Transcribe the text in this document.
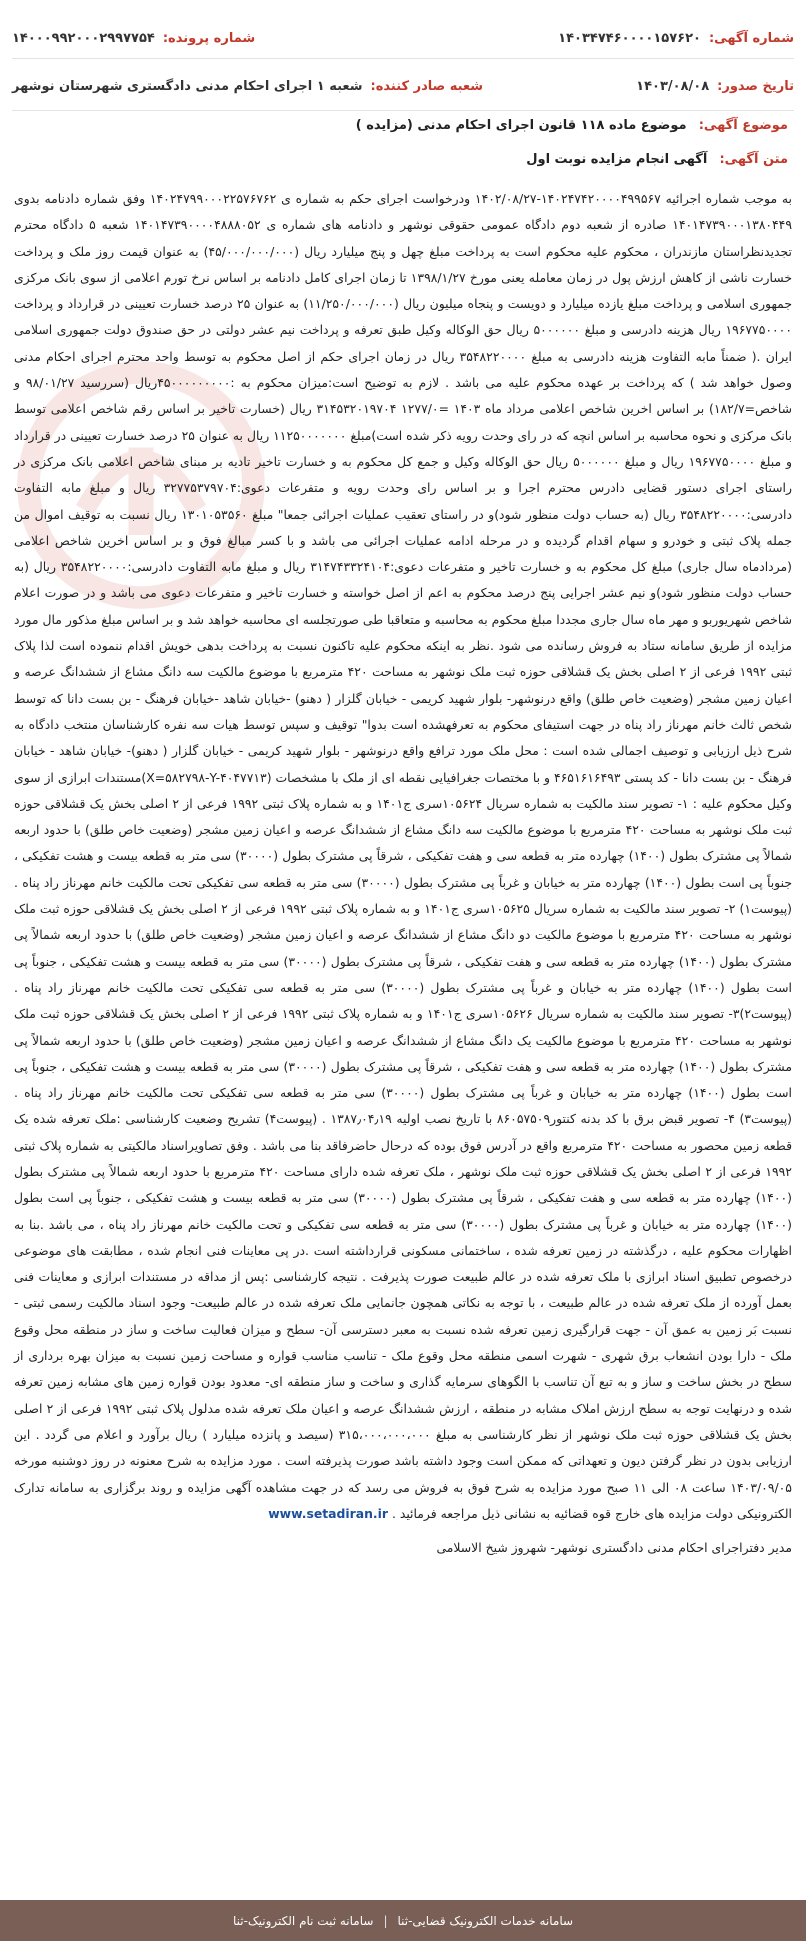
شماره آگهی:
۱۴۰۳۴۷۴۶۰۰۰۰۱۵۷۶۲۰
شماره پرونده:
۱۴۰۰۰۹۹۲۰۰۰۲۹۹۷۷۵۴
تاریخ صدور:
۱۴۰۳/۰۸/۰۸
شعبه صادر کننده:
شعبه ۱ اجرای احکام مدنی دادگستری شهرستان نوشهر
موضوع آگهی: موضوع ماده ۱۱۸ قانون اجرای احکام مدنی (مزایده )
متن آگهی: آگهی انجام مزایده نوبت اول

به موجب شماره اجرائیه ۱۴۰۲۴۷۴۲۰۰۰۰۴۹۹۵۶۷-۱۴۰۲/۰۸/۲۷ ودرخواست اجرای حکم به شماره ی ۱۴۰۲۴۷۹۹۰۰۰۲۲۵۷۶۷۶۲ وفق شماره دادنامه بدوی ۱۴۰۱۴۷۳۹۰۰۰۱۳۸۰۴۴۹ صادره از شعبه دوم دادگاه عمومی حقوقی نوشهر و دادنامه های شماره ی ۱۴۰۱۴۷۳۹۰۰۰۰۴۸۸۸۰۵۲ شعبه ۵ دادگاه محترم تجدیدنظراستان مازندران ، محکوم علیه محکوم است به پرداخت مبلغ چهل و پنج میلیارد ریال (۴۵/۰۰۰/۰۰۰/۰۰۰) به عنوان قیمت روز ملک و پرداخت خسارت ناشی از کاهش ارزش پول در زمان معامله یعنی مورخ ۱۳۹۸/۱/۲۷ تا زمان اجرای کامل دادنامه بر اساس نرخ تورم اعلامی از سوی بانک مرکزی جمهوری اسلامی و پرداخت مبلغ یازده میلیارد و دویست و پنجاه میلیون ریال (۱۱/۲۵۰/۰۰۰/۰۰۰) به عنوان ۲۵ درصد خسارت تعیینی در قرارداد و پرداخت ۱۹۶۷۷۵۰۰۰۰ ریال هزینه دادرسی و مبلغ ۵۰۰۰۰۰۰ ریال حق الوکاله وکیل طبق تعرفه و پرداخت نیم عشر دولتی در حق صندوق دولت جمهوری اسلامی ایران .( ضمناً مابه التفاوت هزینه دادرسی به مبلغ ۳۵۴۸۲۲۰۰۰۰ ریال در زمان اجرای حکم از اصل محکوم به توسط واحد محترم اجرای احکام مدنی وصول خواهد شد ) که پرداخت بر عهده محکوم علیه می باشد . لازم به توضیح است:میزان محکوم به :۴۵۰۰۰۰۰۰۰۰۰ریال (سررسید ۹۸/۰۱/۲۷ و شاخص=۱۸۲/۷) بر اساس اخرین شاخص اعلامی مرداد ماه ۱۴۰۳ =۱۲۷۷/۰ ۳۱۴۵۳۲۰۱۹۷۰۴ ریال (خسارت تاخیر بر اساس رقم شاخص اعلامی توسط بانک مرکزی و نحوه محاسبه بر اساس انچه که در رای وحدت رویه ذکر شده است)مبلغ ۱۱۲۵۰۰۰۰۰۰۰ ریال به عنوان ۲۵ درصد خسارت تعیینی در قرارداد و مبلغ ۱۹۶۷۷۵۰۰۰۰ ریال و مبلغ ۵۰۰۰۰۰۰ ریال حق الوکاله وکیل و جمع کل محکوم به و خسارت تاخیر تادیه بر مبنای شاخص اعلامی بانک مرکزی در راستای اجرای دستور قضایی دادرس محترم اجرا و بر اساس رای وحدت رویه و متفرعات دعوی:۳۲۷۷۵۳۷۹۷۰۴ ریال و مبلغ مابه التفاوت دادرسی:۳۵۴۸۲۲۰۰۰۰ ریال (به حساب دولت منظور شود)و در راستای تعقیب عملیات اجرائی جمعا" مبلغ ۱۳۰۱۰۵۳۵۶۰ ریال نسبت به توقیف اموال من جمله پلاک ثبتی و خودرو و سهام اقدام گردیده و در مرحله ادامه عملیات اجرائی می باشد و با کسر مبالغ فوق و بر اساس اخرین شاخص اعلامی (مردادماه سال جاری) مبلغ کل محکوم به و خسارت تاخیر و متفرعات دعوی:۳۱۴۷۴۳۳۲۴۱۰۴ ریال و مبلغ مابه التفاوت دادرسی:۳۵۴۸۲۲۰۰۰۰ ریال (به حساب دولت منظور شود)و نیم عشر اجرایی پنج درصد محکوم به اعم از اصل خواسته و خسارت تاخیر و متفرعات دعوی می باشد و در صورت اعلام شاخص شهریوربو و مهر ماه سال جاری مجددا مبلغ محکوم به محاسبه و متعاقبا طی صورتجلسه ای محاسبه خواهد شد و بر اساس مبلغ مذکور مال مورد مزایده از طریق سامانه ستاد به فروش رسانده می شود .نظر به اینکه محکوم علیه تاکنون نسبت به پرداخت بدهی خویش اقدام ننموده است لذا پلاک ثبتی ۱۹۹۲ فرعی از ۲ اصلی بخش یک قشلاقی حوزه ثبت ملک نوشهر به مساحت ۴۲۰ مترمربع با موضوع مالکیت سه دانگ مشاع از ششدانگ عرصه و اعیان زمین مشجر (وضعیت خاص طلق) واقع درنوشهر- بلوار شهید کریمی - خیابان گلزار ( دهنو) -خیابان شاهد -خیابان فرهنگ - بن بست دانا که توسط شخص ثالث خانم مهرناز راد پناه در جهت استیفای محکوم به تعرفهشده است بدوا" توقیف و سپس توسط هیات سه نفره کارشناسان منتخب دادگاه به شرح ذیل ارزیابی و توصیف اجمالی شده است : محل ملک مورد ترافع واقع درنوشهر - بلوار شهید کریمی - خیابان گلزار ( دهنو)- خیابان شاهد - خیابان فرهنگ - بن بست دانا - کد پستی ۴۶۵۱۶۱۶۴۹۳ و با مختصات جغرافیایی نقطه ای از ملک با مشخصات (X=۵۸۲۷۹۸-Y-۴۰۴۷۷۱۳)مستندات ابرازی از سوی وکیل محکوم علیه : ۱- تصویر سند مالکیت به شماره سریال ۱۰۵۶۲۴سری ج۱۴۰۱ و به شماره پلاک ثبتی ۱۹۹۲ فرعی از ۲ اصلی بخش یک قشلاقی حوزه ثبت ملک نوشهر به مساحت ۴۲۰ مترمربع با موضوع مالکیت سه دانگ مشاع از ششدانگ عرصه و اعیان زمین مشجر (وضعیت خاص طلق) با حدود اربعه شمالاً پی مشترک بطول (۱۴۰۰) چهارده متر به قطعه سی و هفت تفکیکی ، شرقاً پی مشترک بطول (۳۰۰۰۰) سی متر به قطعه بیست و هشت تفکیکی ، جنوباً پی است بطول (۱۴۰۰) چهارده متر به خیابان و غرباً پی مشترک بطول (۳۰۰۰۰) سی متر به قطعه سی تفکیکی تحت مالکیت خانم مهرناز راد پناه . (پیوست۱) ۲- تصویر سند مالکیت به شماره سریال ۱۰۵۶۲۵سری ج۱۴۰۱ و به شماره پلاک ثبتی ۱۹۹۲ فرعی از ۲ اصلی بخش یک قشلاقی حوزه ثبت ملک نوشهر به مساحت ۴۲۰ مترمربع با موضوع مالکیت دو دانگ مشاع از ششدانگ عرصه و اعیان زمین مشجر (وضعیت خاص طلق) با حدود اربعه شمالاً پی مشترک بطول (۱۴۰۰) چهارده متر به قطعه سی و هفت تفکیکی ، شرقاً پی مشترک بطول (۳۰۰۰۰) سی متر به قطعه بیست و هشت تفکیکی ، جنوباً پی است بطول (۱۴۰۰) چهارده متر به خیابان و غرباً پی مشترک بطول (۳۰۰۰۰) سی متر به قطعه سی تفکیکی تحت مالکیت خانم مهرناز راد پناه . (پیوست۲)۳- تصویر سند مالکیت به شماره سریال ۱۰۵۶۲۶سری ج۱۴۰۱ و به شماره پلاک ثبتی ۱۹۹۲ فرعی از ۲ اصلی بخش یک قشلاقی حوزه ثبت ملک نوشهر به مساحت ۴۲۰ مترمربع با موضوع مالکیت یک دانگ مشاع از ششدانگ عرصه و اعیان زمین مشجر (وضعیت خاص طلق) با حدود اربعه شمالاً پی مشترک بطول (۱۴۰۰) چهارده متر به قطعه سی و هفت تفکیکی ، شرقاً پی مشترک بطول (۳۰۰۰۰) سی متر به قطعه بیست و هشت تفکیکی ، جنوباً پی است بطول (۱۴۰۰) چهارده متر به خیابان و غرباً پی مشترک بطول (۳۰۰۰۰) سی متر به قطعه سی تفکیکی تحت مالکیت خانم مهرناز راد پناه . (پیوست۳) ۴- تصویر قبض برق با کد بدنه کنتور۸۶۰۵۷۵۰۹ با تاریخ نصب اولیه ۱۳۸۷٫۰۴٫۱۹ . (پیوست۴) تشریح وضعیت کارشناسی :ملک تعرفه شده یک قطعه زمین محصور به مساحت ۴۲۰ مترمربع واقع در آدرس فوق بوده که درحال حاضرفاقد بنا می باشد . وفق تصاویراسناد مالکیتی به شماره پلاک ثبتی ۱۹۹۲ فرعی از ۲ اصلی بخش یک قشلاقی حوزه ثبت ملک نوشهر ، ملک تعرفه شده دارای مساحت ۴۲۰ مترمربع با حدود اربعه شمالاً پی مشترک بطول (۱۴۰۰) چهارده متر به قطعه سی و هفت تفکیکی ، شرقاً پی مشترک بطول (۳۰۰۰۰) سی متر به قطعه بیست و هشت تفکیکی ، جنوباً پی است بطول (۱۴۰۰) چهارده متر به خیابان و غرباً پی مشترک بطول (۳۰۰۰۰) سی متر به قطعه سی تفکیکی و تحت مالکیت خانم مهرناز راد پناه ، می باشد .بنا به اظهارات محکوم علیه ، درگذشته در زمین تعرفه شده ، ساختمانی مسکونی قرارداشته است .در پی معاینات فنی انجام شده ، مطابقت های موضوعی درخصوص تطبیق اسناد ابرازی با ملک تعرفه شده در عالم طبیعت صورت پذیرفت . نتیجه کارشناسی :پس از مداقه در مستندات ابرازی و معاینات فنی بعمل آورده از ملک تعرفه شده در عالم طبیعت ، با توجه به نکاتی همچون جانمایی ملک تعرفه شده در عالم طبیعت- وجود اسناد مالکیت رسمی ثبتی - نسبت بَر زمین به عمق آن - جهت قرارگیری زمین تعرفه شده نسبت به معبر دسترسی آن- سطح و میزان فعالیت ساخت و ساز در منطقه محل وقوع ملک - دارا بودن انشعاب برق شهری - شهرت اسمی منطقه محل وقوع ملک - تناسب مناسب قواره و مساحت زمین نسبت به میزان بهره برداری از سطح در بخش ساخت و ساز و به تبع آن تناسب با الگوهای سرمایه گذاری و ساخت و ساز منطقه ای- معدود بودن قواره زمین های مشابه زمین تعرفه شده و درنهایت توجه به سطح ارزش املاک مشابه در منطقه ، ارزش ششدانگ عرصه و اعیان ملک تعرفه شده مدلول پلاک ثبتی ۱۹۹۲ فرعی از ۲ اصلی بخش یک قشلاقی حوزه ثبت ملک نوشهر از نظر کارشناسی به مبلغ ۳۱۵،۰۰۰،۰۰۰،۰۰۰ (سیصد و پانزده میلیارد ) ریال برآورد و اعلام می گردد . این ارزیابی بدون در نظر گرفتن دیون و تعهداتی که ممکن است وجود داشته باشد صورت پذیرفته است . مورد مزایده به شرح معنونه در روز دوشنبه مورخه ۱۴۰۳/۰۹/۰۵ ساعت ۰۸ الی ۱۱ صبح مورد مزایده به شرح فوق به فروش می رسد که در جهت مشاهده آگهی مزایده و روند برگزاری به سامانه تدارک الکترونیکی دولت مزایده های خارج قوه قضائیه به نشانی ذیل مراجعه فرمائید . www.setadiran.ir

مدیر دفتراجرای احکام مدنی دادگستری نوشهر- شهروز شیخ الاسلامی

سامانه خدمات الکترونیک قضایی-ثنا
|
سامانه ثبت نام الکترونیک-ثنا
